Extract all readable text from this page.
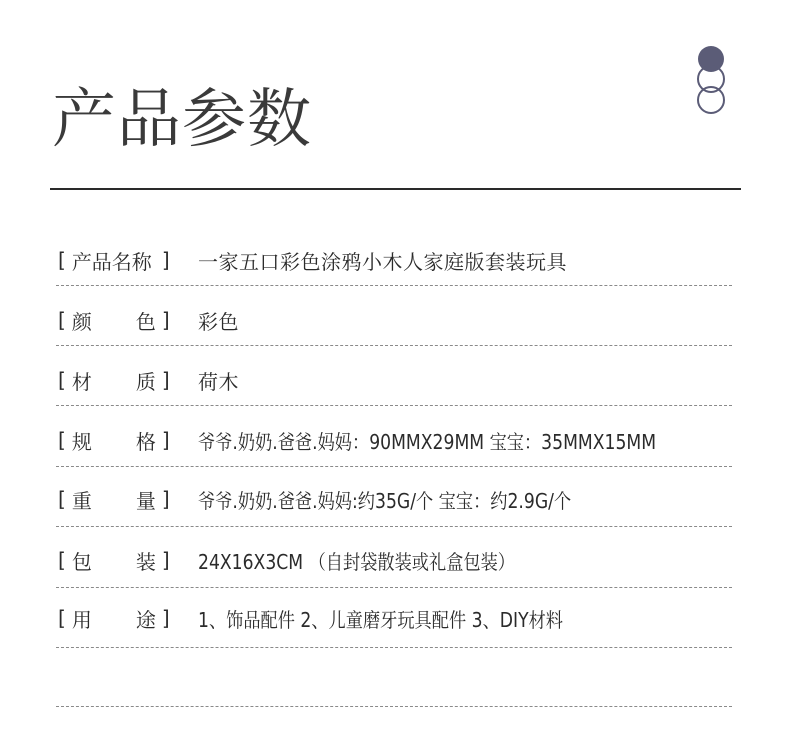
产品参数
[ 产品名称 ] 一家五口彩色涂鸦小木人家庭版套装玩具
[ 颜 色 ] 彩色
[ 材 质 ] 荷木
[ 规 格 ] 爷爷.奶奶.爸爸.妈妈：90MMX29MM 宝宝：35MMX15MM
[ 重 量 ] 爷爷.奶奶.爸爸.妈妈:约35G/个 宝宝：约2.9G/个
[ 包 装 ] 24X16X3CM （自封袋散装或礼盒包装）
[ 用 途 ] 1、饰品配件 2、儿童磨牙玩具配件 3、DIY材料
